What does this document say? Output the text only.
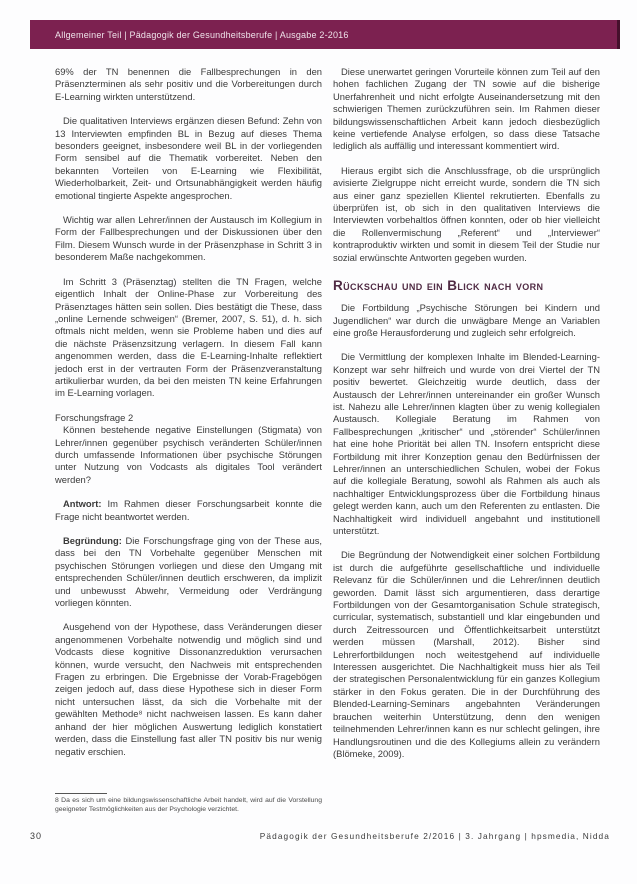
Allgemeiner Teil | Pädagogik der Gesundheitsberufe | Ausgabe 2-2016

69% der TN benennen die Fallbesprechungen in den Präsenzterminen als sehr positiv und die Vorbereitungen durch E-Learning wirkten unterstützend.

Die qualitativen Interviews ergänzen diesen Befund: Zehn von 13 Interviewten empfinden BL in Bezug auf dieses Thema besonders geeignet, insbesondere weil BL in der vorliegenden Form sensibel auf die Thematik vorbereitet. Neben den bekannten Vorteilen von E-Learning wie Flexibilität, Wiederholbarkeit, Zeit- und Ortsunabhängigkeit werden häufig emotional tingierte Aspekte angesprochen.

Wichtig war allen Lehrer/innen der Austausch im Kollegium in Form der Fallbesprechungen und der Diskussionen über den Film. Diesem Wunsch wurde in der Präsenzphase in Schritt 3 in besonderem Maße nachgekommen.

Im Schritt 3 (Präsenztag) stellten die TN Fragen, welche eigentlich Inhalt der Online-Phase zur Vorbereitung des Präsenztages hätten sein sollen. Dies bestätigt die These, dass „online Lernende schweigen“ (Bremer, 2007, S. 51), d. h. sich oftmals nicht melden, wenn sie Probleme haben und dies auf die nächste Präsenzsitzung verlagern. In diesem Fall kann angenommen werden, dass die E-Learning-Inhalte reflektiert jedoch erst in der vertrauten Form der Präsenzveranstaltung artikulierbar wurden, da bei den meisten TN keine Erfahrungen im E-Learning vorlagen.

Forschungsfrage 2

Können bestehende negative Einstellungen (Stigmata) von Lehrer/innen gegenüber psychisch veränderten Schüler/innen durch umfassende Informationen über psychische Störungen unter Nutzung von Vodcasts als digitales Tool verändert werden?

Antwort: Im Rahmen dieser Forschungsarbeit konnte die Frage nicht beantwortet werden.

Begründung: Die Forschungsfrage ging von der These aus, dass bei den TN Vorbehalte gegenüber Menschen mit psychischen Störungen vorliegen und diese den Umgang mit entsprechenden Schüler/innen deutlich erschweren, da implizit und unbewusst Abwehr, Vermeidung oder Verdrängung vorliegen könnten.

Ausgehend von der Hypothese, dass Veränderungen dieser angenommenen Vorbehalte notwendig und möglich sind und Vodcasts diese kognitive Dissonanzreduktion verursachen können, wurde versucht, den Nachweis mit entsprechenden Fragen zu erbringen. Die Ergebnisse der Vorab-Fragebögen zeigen jedoch auf, dass diese Hypothese sich in dieser Form nicht untersuchen lässt, da sich die Vorbehalte mit der gewählten Methode⁸ nicht nachweisen lassen. Es kann daher anhand der hier möglichen Auswertung lediglich konstatiert werden, dass die Einstellung fast aller TN positiv bis nur wenig negativ erschien.

8 Da es sich um eine bildungswissenschaftliche Arbeit handelt, wird auf die Vorstellung geeigneter Testmöglichkeiten aus der Psychologie verzichtet.

Diese unerwartet geringen Vorurteile können zum Teil auf den hohen fachlichen Zugang der TN sowie auf die bisherige Unerfahrenheit und nicht erfolgte Auseinandersetzung mit den schwierigen Themen zurückzuführen sein. Im Rahmen dieser bildungswissenschaftlichen Arbeit kann jedoch diesbezüglich keine vertiefende Analyse erfolgen, so dass diese Tatsache lediglich als auffällig und interessant kommentiert wird.

Hieraus ergibt sich die Anschlussfrage, ob die ursprünglich avisierte Zielgruppe nicht erreicht wurde, sondern die TN sich aus einer ganz speziellen Klientel rekrutierten. Ebenfalls zu überprüfen ist, ob sich in den qualitativen Interviews die Interviewten vorbehaltlos öffnen konnten, oder ob hier vielleicht die Rollenvermischung „Referent“ und „Interviewer“ kontraproduktiv wirkten und somit in diesem Teil der Studie nur sozial erwünschte Antworten gegeben wurden.

Rückschau und ein Blick nach vorn

Die Fortbildung „Psychische Störungen bei Kindern und Jugendlichen“ war durch die unwägbare Menge an Variablen eine große Herausforderung und zugleich sehr erfolgreich.

Die Vermittlung der komplexen Inhalte im Blended-Learning-Konzept war sehr hilfreich und wurde von drei Viertel der TN positiv bewertet. Gleichzeitig wurde deutlich, dass der Austausch der Lehrer/innen untereinander ein großer Wunsch ist. Nahezu alle Lehrer/innen klagten über zu wenig kollegialen Austausch. Kollegiale Beratung im Rahmen von Fallbesprechungen „kritischer“ und „störender“ Schüler/innen hat eine hohe Priorität bei allen TN. Insofern entspricht diese Fortbildung mit ihrer Konzeption genau den Bedürfnissen der Lehrer/innen an unterschiedlichen Schulen, wobei der Fokus auf die kollegiale Beratung, sowohl als Rahmen als auch als nachhaltiger Entwicklungsprozess über die Fortbildung hinaus gelegt werden kann, auch um den Referenten zu entlasten. Die Nachhaltigkeit wird individuell angebahnt und institutionell unterstützt.

Die Begründung der Notwendigkeit einer solchen Fortbildung ist durch die aufgeführte gesellschaftliche und individuelle Relevanz für die Schüler/innen und die Lehrer/innen deutlich geworden. Damit lässt sich argumentieren, dass derartige Fortbildungen von der Gesamtorganisation Schule strategisch, curricular, systematisch, substantiell und klar eingebunden und durch Zeitressourcen und Öffentlichkeitsarbeit unterstützt werden müssen (Marshall, 2012). Bisher sind Lehrerfortbildungen noch weitestgehend auf individuelle Interessen ausgerichtet. Die Nachhaltigkeit muss hier als Teil der strategischen Personalentwicklung für ein ganzes Kollegium stärker in den Fokus geraten. Die in der Durchführung des Blended-Learning-Seminars angebahnten Veränderungen brauchen weiterhin Unterstützung, denn den wenigen teilnehmenden Lehrer/innen kann es nur schlecht gelingen, ihre Handlungsroutinen und die des Kollegiums allein zu verändern (Blömeke, 2009).

30	Pädagogik der Gesundheitsberufe 2/2016 | 3. Jahrgang | hpsmedia, Nidda
